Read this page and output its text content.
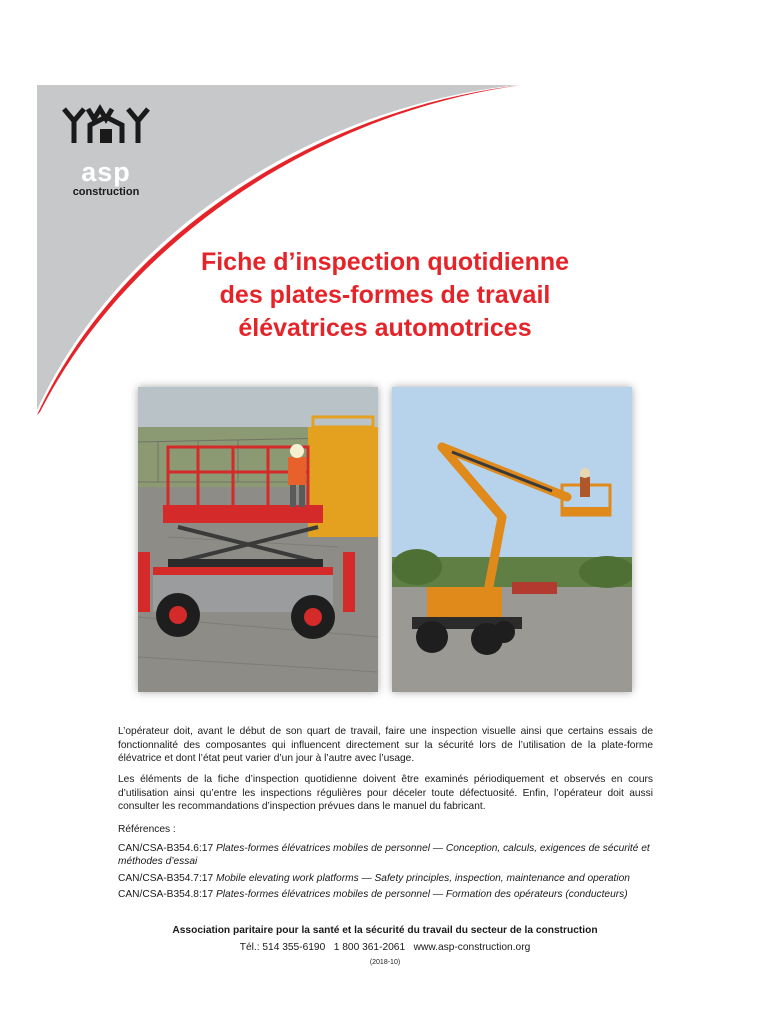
asp
construction
Fiche d’inspection quotidienne
des plates-formes de travail
élévatrices automotrices
L’opérateur doit, avant le début de son quart de travail, faire une inspection visuelle ainsi que certains essais de fonctionnalité des composantes qui influencent directement sur la sécurité lors de l’utilisation de la plate-forme élévatrice et dont l’état peut varier d’un jour à l’autre avec l’usage.
Les éléments de la fiche d’inspection quotidienne doivent être examinés périodiquement et observés en cours d’utilisation ainsi qu’entre les inspections régulières pour déceler toute défectuosité. Enfin, l’opérateur doit aussi consulter les recommandations d’inspection prévues dans le manuel du fabricant.
Références :
CAN/CSA-B354.6:17 Plates-formes élévatrices mobiles de personnel — Conception, calculs, exigences de sécurité et méthodes d’essai
CAN/CSA-B354.7:17 Mobile elevating work platforms — Safety principles, inspection, maintenance and operation
CAN/CSA-B354.8:17 Plates-formes élévatrices mobiles de personnel — Formation des opérateurs (conducteurs)
Association paritaire pour la santé et la sécurité du travail du secteur de la construction
Tél.: 514 355-6190   1 800 361-2061   www.asp-construction.org
(2018-10)
